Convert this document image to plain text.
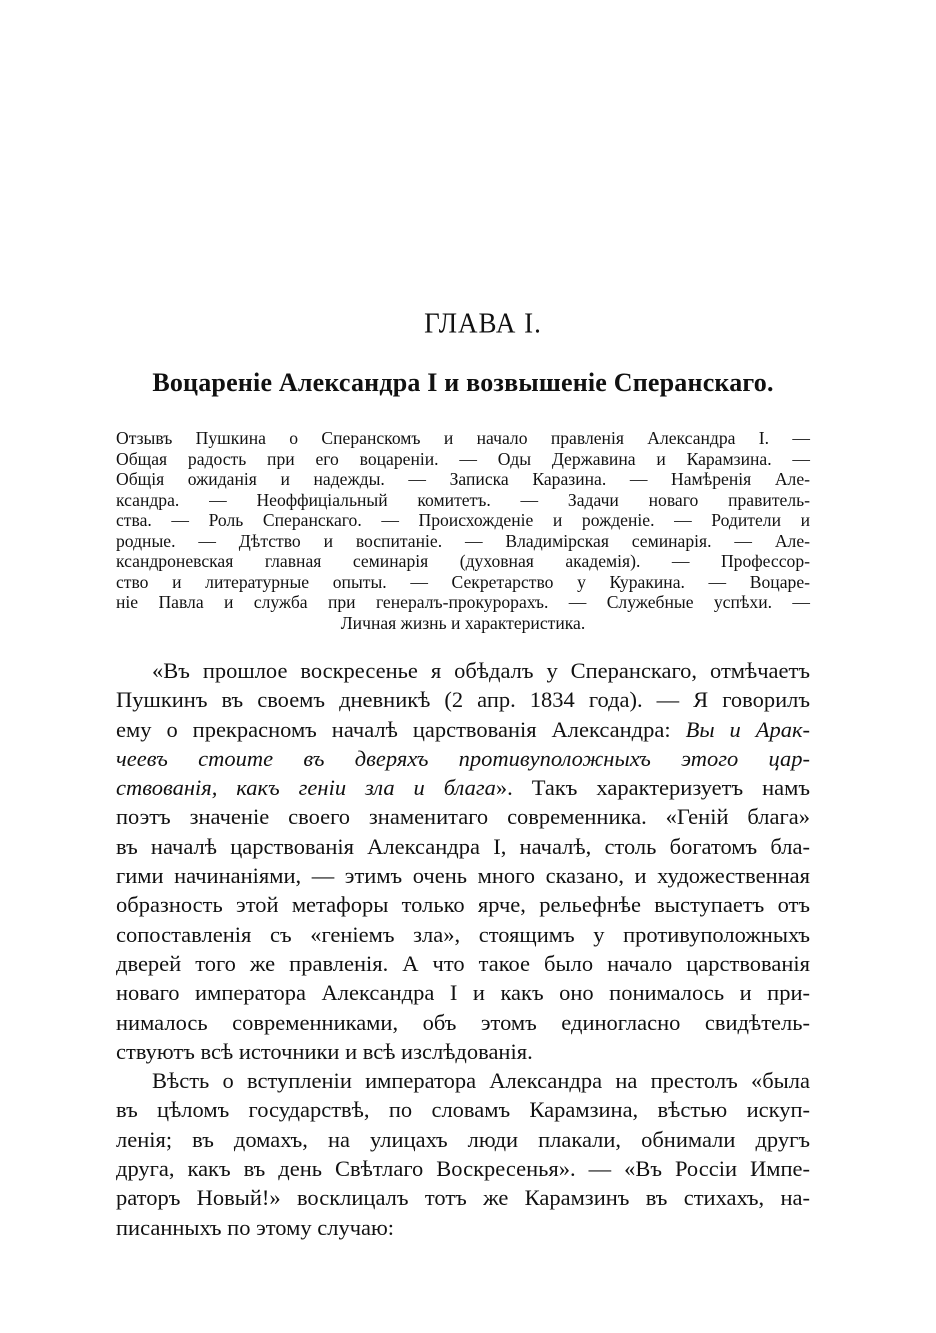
ГЛАВА I.
Воцареніе Александра I и возвышеніе Сперанскаго.
Отзывъ Пушкина о Сперанскомъ и начало правленія Александра I. —
Общая радость при его воцареніи. — Оды Державина и Карамзина. —
Общія ожиданія и надежды. — Записка Каразина. — Намѣренія Але-
ксандра. — Неоффиціальный комитетъ. — Задачи новаго правитель-
ства. — Роль Сперанскаго. — Происхожденіе и рожденіе. — Родители и
родные. — Дѣтство и воспитаніе. — Владимірская семинарія. — Але-
ксандроневская главная семинарія (духовная академія). — Профессор-
ство и литературные опыты. — Секретарство у Куракина. — Воцаре-
ніе Павла и служба при генералъ-прокурорахъ. — Служебные успѣхи. —
Личная жизнь и характеристика.
«Въ прошлое воскресенье я обѣдалъ у Сперанскаго, отмѣчаетъ
Пушкинъ въ своемъ дневникѣ (2 апр. 1834 года). — Я говорилъ
ему о прекрасномъ началѣ царствованія Александра: Вы и Арак-
чеевъ стоите въ дверяхъ противуположныхъ этого цар-
ствованія, какъ геніи зла и блага». Такъ характеризуетъ намъ
поэтъ значеніе своего знаменитаго современника. «Геній блага»
въ началѣ царствованія Александра I, началѣ, столь богатомъ бла-
гими начинаніями, — этимъ очень много сказано, и художественная
образность этой метафоры только ярче, рельефнѣе выступаетъ отъ
сопоставленія съ «геніемъ зла», стоящимъ у противуположныхъ
дверей того же правленія. А что такое было начало царствованія
новаго императора Александра I и какъ оно понималось и при-
нималось современниками, объ этомъ единогласно свидѣтель-
ствуютъ всѣ источники и всѣ изслѣдованія.
Вѣсть о вступленіи императора Александра на престолъ «была
въ цѣломъ государствѣ, по словамъ Карамзина, вѣстью искуп-
ленія; въ домахъ, на улицахъ люди плакали, обнимали другъ
друга, какъ въ день Свѣтлаго Воскресенья». — «Въ Россіи Импе-
раторъ Новый!» восклицалъ тотъ же Карамзинъ въ стихахъ, на-
писанныхъ по этому случаю:
